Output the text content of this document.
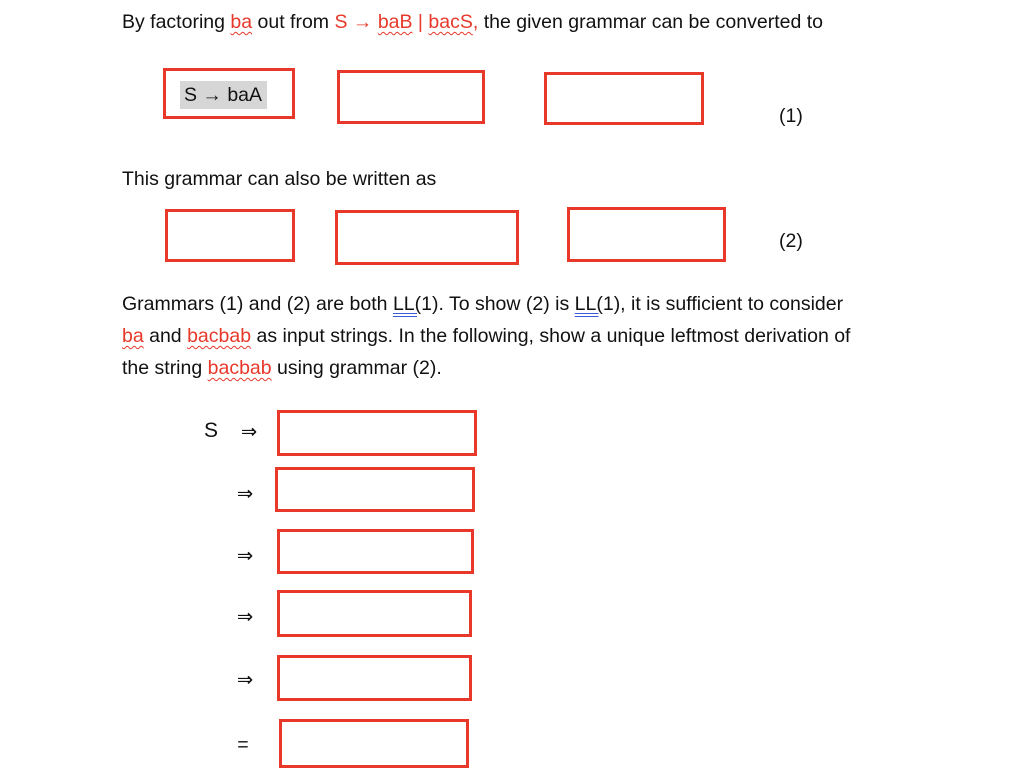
By factoring ba out from S → baB | bacS, the given grammar can be converted to
S → baA
(1)
This grammar can also be written as
(2)
Grammars (1) and (2) are both LL(1). To show (2) is LL(1), it is sufficient to consider
ba and bacbab as input strings. In the following, show a unique leftmost derivation of
the string bacbab using grammar (2).
S	⇒
⇒
⇒
⇒
⇒
=
